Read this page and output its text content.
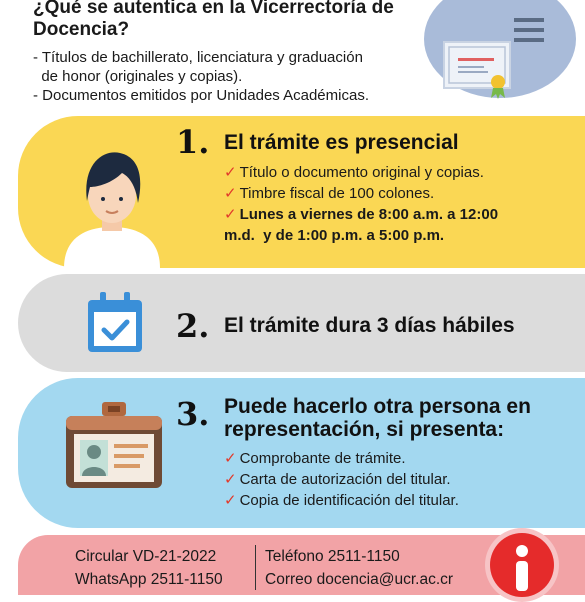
¿Qué se autentica en la Vicerrectoría de Docencia?
- Títulos de bachillerato, licenciatura y graduación
de honor (originales y copias).
- Documentos emitidos por Unidades Académicas.
1. El trámite es presencial
✓ Título o documento original y copias.
✓ Timbre fiscal de 100 colones.
✓ Lunes a viernes de 8:00 a.m. a 12:00
m.d.  y de 1:00 p.m. a 5:00 p.m.
2. El trámite dura 3 días hábiles
3. Puede hacerlo otra persona en
representación, si presenta:
✓ Comprobante de trámite.
✓ Carta de autorización del titular.
✓ Copia de identificación del titular.
Circular VD-21-2022
WhatsApp 2511-1150
Teléfono 2511-1150
Correo docencia@ucr.ac.cr
